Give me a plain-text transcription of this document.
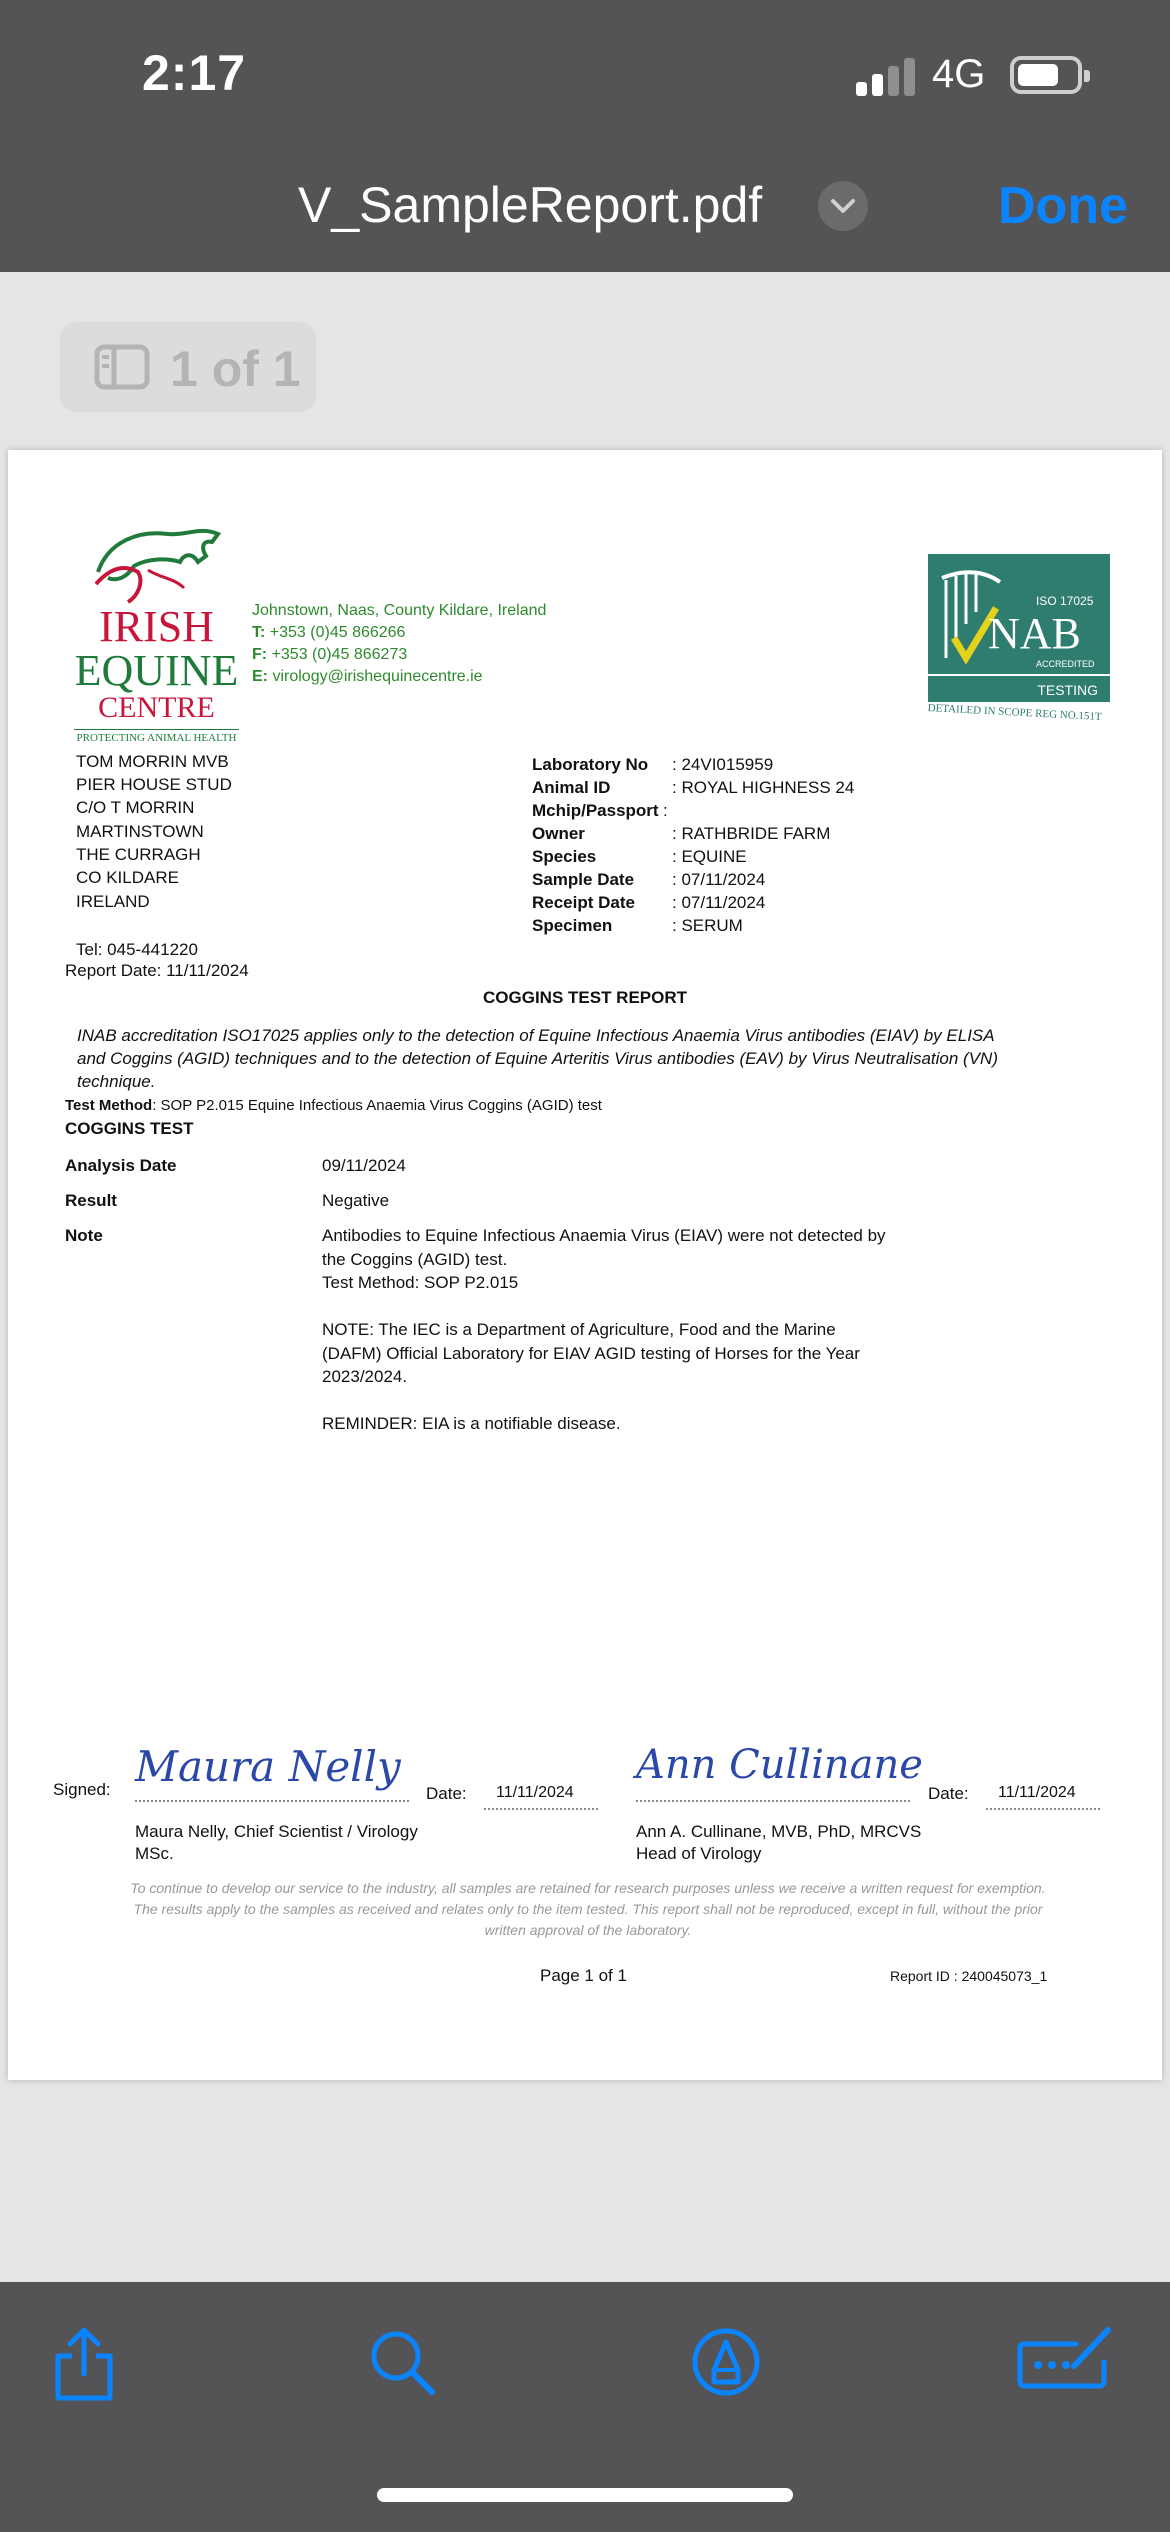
2:17	4G
V_SampleReport.pdf	Done
1 of 1
IRISH
EQUINE
CENTRE
PROTECTING ANIMAL HEALTH
Johnstown, Naas, County Kildare, Ireland
T: +353 (0)45 866266
F: +353 (0)45 866273
E: virology@irishequinecentre.ie
ISO 17025
NAB
ACCREDITED
TESTING
DETAILED IN SCOPE REG NO.151T
TOM MORRIN MVB
PIER HOUSE STUD
C/O T MORRIN
MARTINSTOWN
THE CURRAGH
CO KILDARE
IRELAND
Tel: 045-441220
Report Date: 11/11/2024
Laboratory No : 24VI015959
Animal ID	: ROYAL HIGHNESS 24
Mchip/Passport :
Owner	: RATHBRIDE FARM
Species	: EQUINE
Sample Date : 07/11/2024
Receipt Date : 07/11/2024
Specimen	: SERUM
COGGINS TEST REPORT
INAB accreditation ISO17025 applies only to the detection of Equine Infectious Anaemia Virus antibodies (EIAV) by ELISA
and Coggins (AGID) techniques and to the detection of Equine Arteritis Virus antibodies (EAV) by Virus Neutralisation (VN)
technique.
Test Method: SOP P2.015 Equine Infectious Anaemia Virus Coggins (AGID) test
COGGINS TEST
Analysis Date	09/11/2024
Result	Negative
Note	Antibodies to Equine Infectious Anaemia Virus (EIAV) were not detected by
the Coggins (AGID) test.
Test Method: SOP P2.015
NOTE: The IEC is a Department of Agriculture, Food and the Marine
(DAFM) Official Laboratory for EIAV AGID testing of Horses for the Year
2023/2024.
REMINDER: EIA is a notifiable disease.
Signed: Maura Nelly
Date: 11/11/2024
Maura Nelly, Chief Scientist / Virology
MSc.
Ann Cullinane
Date: 11/11/2024
Ann A. Cullinane, MVB, PhD, MRCVS
Head of Virology
To continue to develop our service to the industry, all samples are retained for research purposes unless we receive a written request for exemption. The results apply to the samples as received and relates only to the item tested. This report shall not be reproduced, except in full, without the prior written approval of the laboratory.
Page 1 of 1	Report ID : 240045073_1
